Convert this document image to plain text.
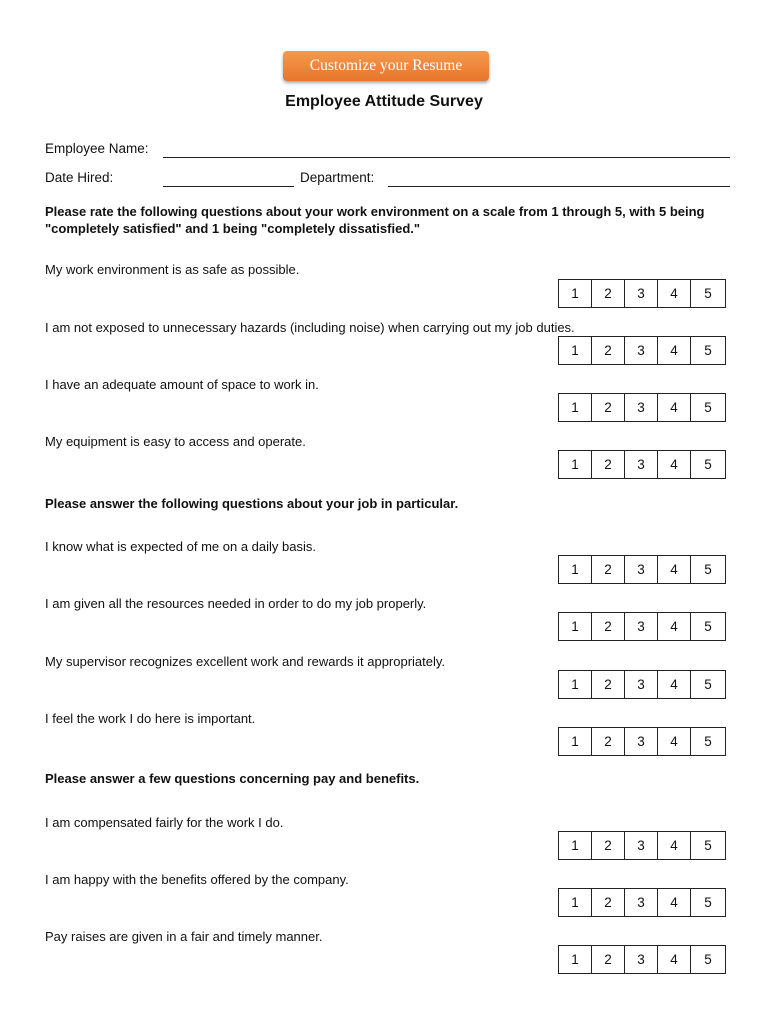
Customize your Resume
Employee Attitude Survey
Employee Name:
Date Hired:	Department:
Please rate the following questions about your work environment on a scale from 1 through 5, with 5 being "completely satisfied" and 1 being "completely dissatisfied."
Please answer the following questions about your job in particular.
Please answer a few questions concerning pay and benefits.
My work environment is as safe as possible.
1	2	3	4	5
I am not exposed to unnecessary hazards (including noise) when carrying out my job duties.
1	2	3	4	5
I have an adequate amount of space to work in.
1	2	3	4	5
My equipment is easy to access and operate.
1	2	3	4	5
I know what is expected of me on a daily basis.
1	2	3	4	5
I am given all the resources needed in order to do my job properly.
1	2	3	4	5
My supervisor recognizes excellent work and rewards it appropriately.
1	2	3	4	5
I feel the work I do here is important.
1	2	3	4	5
I am compensated fairly for the work I do.
1	2	3	4	5
I am happy with the benefits offered by the company.
1	2	3	4	5
Pay raises are given in a fair and timely manner.
1	2	3	4	5
